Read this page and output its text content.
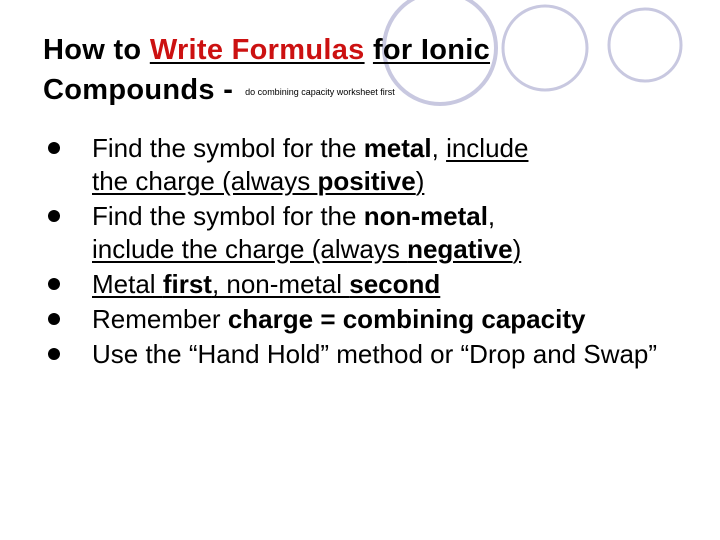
How to Write Formulas for Ionic
Compounds - do combining capacity worksheet first
Find the symbol for the metal, include
the charge (always positive)
Find the symbol for the non-metal,
include the charge (always negative)
Metal first, non-metal second
Remember charge = combining capacity
Use the “Hand Hold” method or “Drop and Swap”
